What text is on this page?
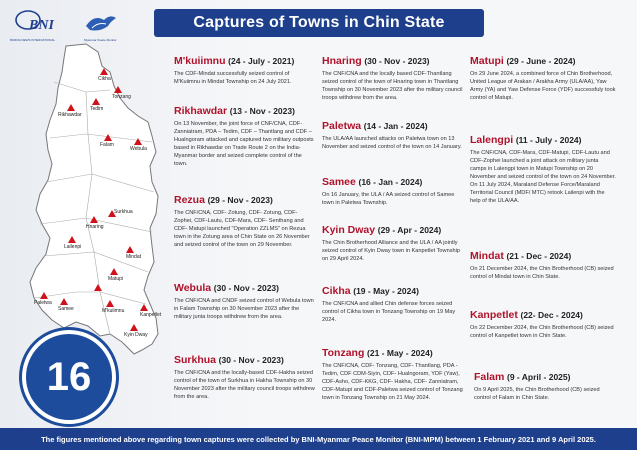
BNI
BURMA NEWS INTERNATIONAL	Myanmar Peace Monitor
Captures of Towns in Chin State
Cikha
Tonzang
Tedim
Rikhawdar
Falam
Webula
Surkhua
Hnaring
Lailenpi
Mindat
Paletwa
Samee
Matupi
Kanpetlet
Kyin Dway
M'kuiimnu
16
M'kuiimnu (24 - July - 2021)

The CDF-Mindat successfully seized control of M'Kuiimnu in Mindat Township on 24 July 2021.

Rikhawdar (13 - Nov - 2023)

On 13 November, the joint force of CNF/CNA, CDF-Zanniatram, PDA – Tedim, CDF – Thantlang and CDF – Hualngoram attacked and captured two military outposts based in Rikhawdar on Trade Route 2 on the India-Myanmar border and seized complete control of the town.

Rezua (29 - Nov - 2023)

The CNF/CNA, CDF- Zotung, CDF- Zotung, CDF- Zophei, CDF-Lautu, CDF-Mara, CDF- Senthang and CDF- Matupi launched "Operation ZZLMS" on Rezua town in the Zotung area of Chin State on 26 November and seized control of the town on 29 November.

Webula (30 - Nov - 2023)

The CNF/CNA and CNDF seized control of Webula town in Falam Township on 30 November 2023 after the military junta troops withdrew from the area.

Surkhua (30 - Nov - 2023)

The CNF/CNA and the locally-based CDF-Hakha seized control of the town of Surkhua in Hakha Township on 30 November 2023 after the military council troops withdrew from the area.

Hnaring (30 - Nov - 2023)

The CNF/CNA and the locally based CDF-Thantlang seized control of the town of Hnaring town in Thantlang Township on 30 November 2023 after the military council troops withdrew from the area.

Paletwa (14 - Jan - 2024)

The ULA/AA launched attacks on Paletwa town on 13 November and seized control of the town on 14 January.

Samee (16 - Jan - 2024)

On 16 January, the ULA / AA seized control of Samee town in Paletwa Township.

Kyin Dway (29 - Apr - 2024)

The Chin Brotherhood Alliance and the ULA / AA jointly seized control of Kyin Dway town in Kanpetlet Township on 29 April 2024.

Cikha (19 - May - 2024)

The CNF/CNA and allied Chin defense forces seized control of Cikha town in Tonzang Township on 19 May 2024.

Tonzang (21 - May - 2024)

The CNF/CNA, CDF- Tonzang, CDF- Thantlang, PDA -Tedim, CDF CDM-Siyin, CDF- Hualngoram, YDF (Yaw), CDF-Asho, CDF-KKG, CDF- Hakha, CDF- Zanniatram, CDF-Matupi and CDF-Paletwa seized control of Tonzang town in Tonzang Township on 21 May 2024.

Matupi (29 - June - 2024)

On 29 June 2024, a combined force of Chin Brotherhood, United League of Arakan / Arakha Army (ULA/AA), Yaw Army (YA) and Yaw Defense Force (YDF) successfuly took control of Matupi.

Lalengpi (11 - July - 2024)

The CNF/CNA, CDF-Mara, CDF-Matupi, CDF-Lautu and CDF-Zophei launched a joint attack on military junta camps in Lalengpi town in Matupi Township on 20 November and seized control of the town on 24 November. On 11 July 2024, Maraland Defense Force/Maraland Territorial Council (MDF/ MTC) retook Lailenpi with the help of the ULA/AA.

Mindat (21 - Dec - 2024)

On 21 December 2024, the Chin Brotherhood (CB) seized control of Mindat town in Chin State.

Kanpetlet (22- Dec - 2024)

On 22 December 2024, the Chin Brotherhood (CB) seized control of Kanpetlet town in Chin State.

Falam (9 - April - 2025)

On 9 April 2025, the Chin Brotherhood (CB) seized control of Falam in Chin State.

The figures mentioned above regarding town captures were collected by BNI-Myanmar Peace Monitor (BNI-MPM) between 1 February 2021 and 9 April 2025.
